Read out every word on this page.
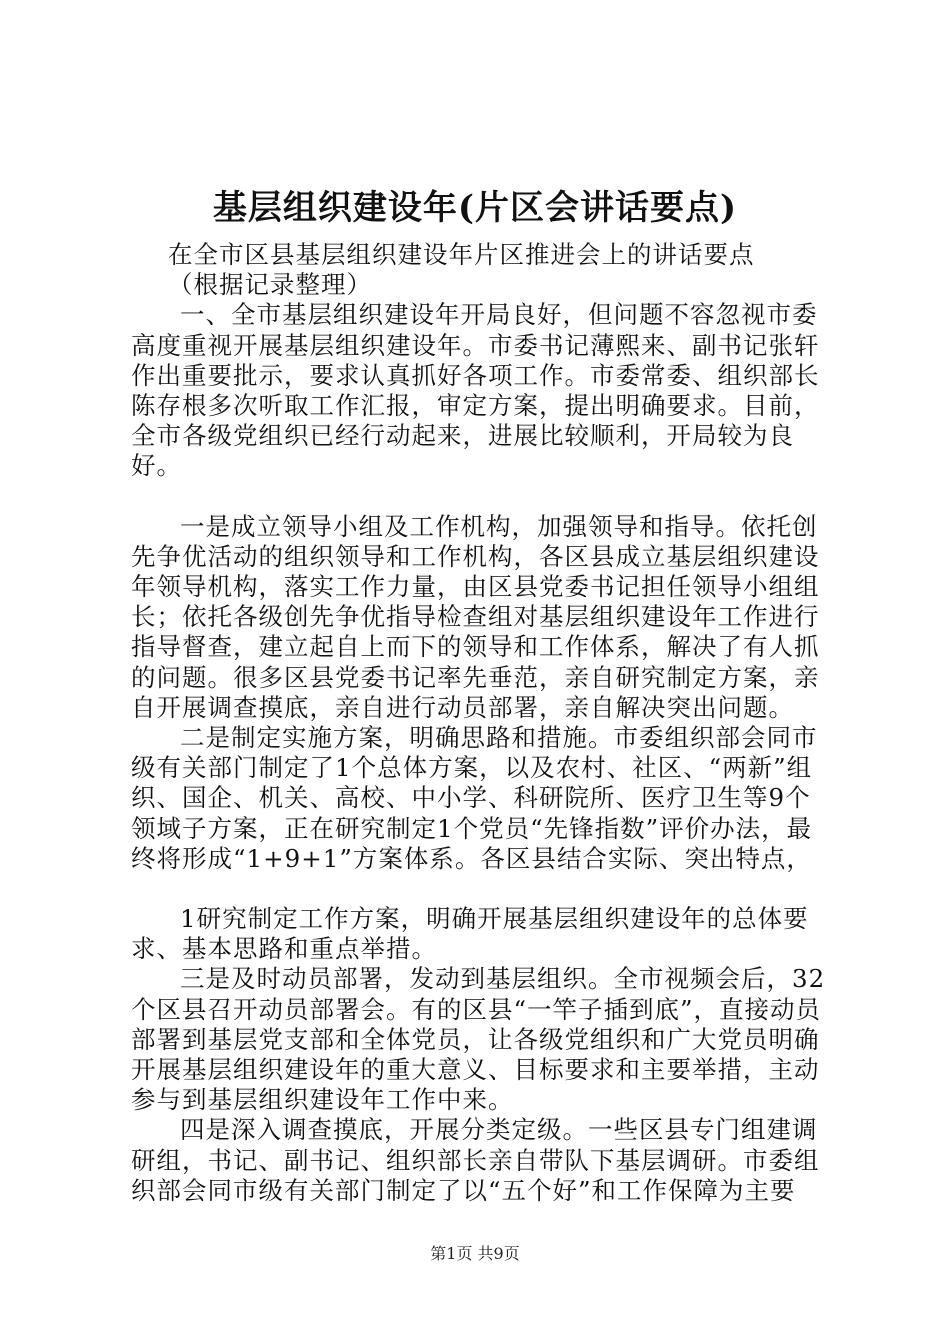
基层组织建设年(片区会讲话要点)

在全市区县基层组织建设年片区推进会上的讲话要点

（根据记录整理）

一、全市基层组织建设年开局良好，但问题不容忽视市委高度重视开展基层组织建设年。市委书记薄熙来、副书记张轩作出重要批示，要求认真抓好各项工作。市委常委、组织部长陈存根多次听取工作汇报，审定方案，提出明确要求。目前，全市各级党组织已经行动起来，进展比较顺利，开局较为良好。

一是成立领导小组及工作机构，加强领导和指导。依托创先争优活动的组织领导和工作机构，各区县成立基层组织建设年领导机构，落实工作力量，由区县党委书记担任领导小组组长；依托各级创先争优指导检查组对基层组织建设年工作进行指导督查，建立起自上而下的领导和工作体系，解决了有人抓的问题。很多区县党委书记率先垂范，亲自研究制定方案，亲自开展调查摸底，亲自进行动员部署，亲自解决突出问题。

二是制定实施方案，明确思路和措施。市委组织部会同市级有关部门制定了1个总体方案，以及农村、社区、“两新”组织、国企、机关、高校、中小学、科研院所、医疗卫生等9个领域子方案，正在研究制定1个党员“先锋指数”评价办法，最终将形成“1+9+1”方案体系。各区县结合实际、突出特点，

1研究制定工作方案，明确开展基层组织建设年的总体要求、基本思路和重点举措。

三是及时动员部署，发动到基层组织。全市视频会后，32个区县召开动员部署会。有的区县“一竿子插到底”，直接动员部署到基层党支部和全体党员，让各级党组织和广大党员明确开展基层组织建设年的重大意义、目标要求和主要举措，主动参与到基层组织建设年工作中来。

四是深入调查摸底，开展分类定级。一些区县专门组建调研组，书记、副书记、组织部长亲自带队下基层调研。市委组织部会同市级有关部门制定了以“五个好”和工作保障为主要

第1页 共9页
